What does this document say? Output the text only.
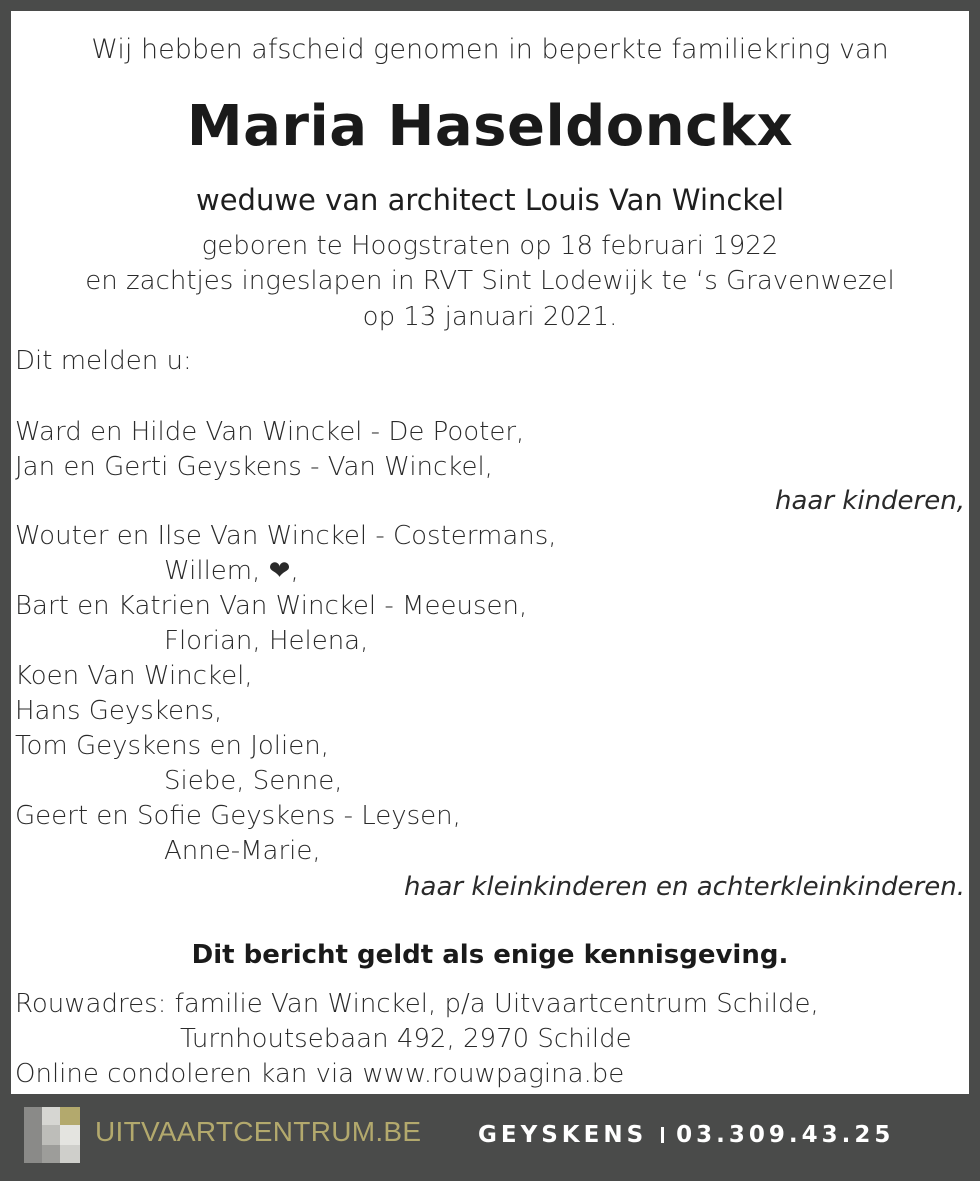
Wij hebben afscheid genomen in beperkte familiekring van

Maria Haseldonckx

weduwe van architect Louis Van Winckel

geboren te Hoogstraten op 18 februari 1922

en zachtjes ingeslapen in RVT Sint Lodewijk te ‘s Gravenwezel

op 13 januari 2021.

Dit melden u:

Ward en Hilde Van Winckel - De Pooter,

Jan en Gerti Geyskens - Van Winckel,

haar kinderen,

Wouter en Ilse Van Winckel - Costermans,

Willem, ❤,

Bart en Katrien Van Winckel - Meeusen,

Florian, Helena,

Koen Van Winckel,

Hans Geyskens,

Tom Geyskens en Jolien,

Siebe, Senne,

Geert en Sofie Geyskens - Leysen,

Anne-Marie,

haar kleinkinderen en achterkleinkinderen.

Dit bericht geldt als enige kennisgeving.

Rouwadres: familie Van Winckel, p/a Uitvaartcentrum Schilde,

Turnhoutsebaan 492, 2970 Schilde

Online condoleren kan via www.rouwpagina.be

UITVAARTCENTRUM.BE GEYSKENS 03.309.43.25
